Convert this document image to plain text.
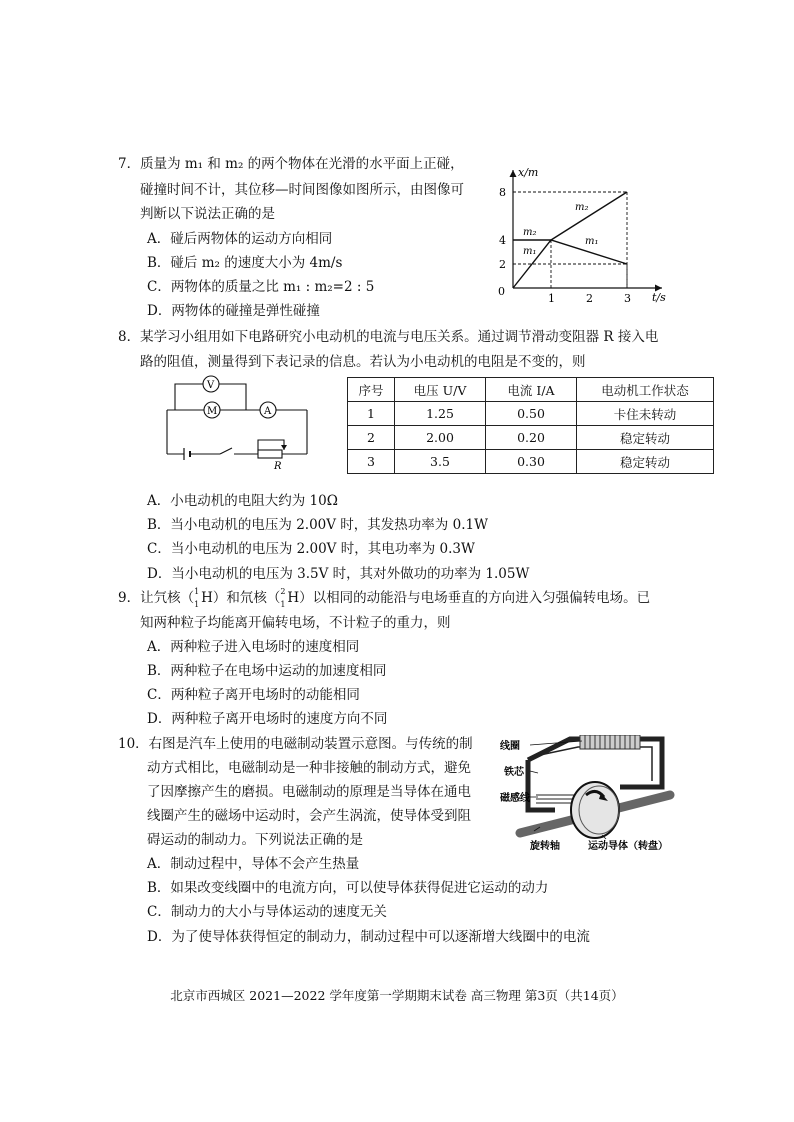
7．质量为 m₁ 和 m₂ 的两个物体在光滑的水平面上正碰，
碰撞时间不计，其位移—时间图像如图所示，由图像可
判断以下说法正确的是
A．碰后两物体的运动方向相同
B．碰后 m₂ 的速度大小为 4m/s
C．两物体的质量之比 m₁ : m₂=2 : 5
D．两物体的碰撞是弹性碰撞
1	2	3
2
4
8
x/m
t/s
0
m₂
m₁
m₂
m₁
8．某学习小组用如下电路研究小电动机的电流与电压关系。通过调节滑动变阻器 R 接入电
路的阻值，测量得到下表记录的信息。若认为小电动机的电阻是不变的，则
V
M	A
R
序号	电压 U/V	电流 I/A	电动机工作状态
1	1.25	0.50	卡住未转动
2	2.00	0.20	稳定转动
3	3.5	0.30	稳定转动
A．小电动机的电阻大约为 10Ω
B．当小电动机的电压为 2.00V 时，其发热功率为 0.1W
C．当小电动机的电压为 2.00V 时，其电功率为 0.3W
D．当小电动机的电压为 3.5V 时，其对外做功的功率为 1.05W
9．让氕核（ 1
1 H）和氘核（ 2
1 H）以相同的动能沿与电场垂直的方向进入匀强偏转电场。已
知两种粒子均能离开偏转电场，不计粒子的重力，则
A．两种粒子进入电场时的速度相同
B．两种粒子在电场中运动的加速度相同
C．两种粒子离开电场时的动能相同
D．两种粒子离开电场时的速度方向不同
10．右图是汽车上使用的电磁制动装置示意图。与传统的制
动方式相比，电磁制动是一种非接触的制动方式，避免
了因摩擦产生的磨损。电磁制动的原理是当导体在通电
线圈产生的磁场中运动时，会产生涡流，使导体受到阻
碍运动的制动力。下列说法正确的是
A．制动过程中，导体不会产生热量
B．如果改变线圈中的电流方向，可以使导体获得促进它运动的动力
C．制动力的大小与导体运动的速度无关
D．为了使导体获得恒定的制动力，制动过程中可以逐渐增大线圈中的电流
线圈
铁芯
磁感线
旋转轴	运动导体（转盘）
北京市西城区 2021—2022 学年度第一学期期末试卷 高三物理 第3页（共14页）
